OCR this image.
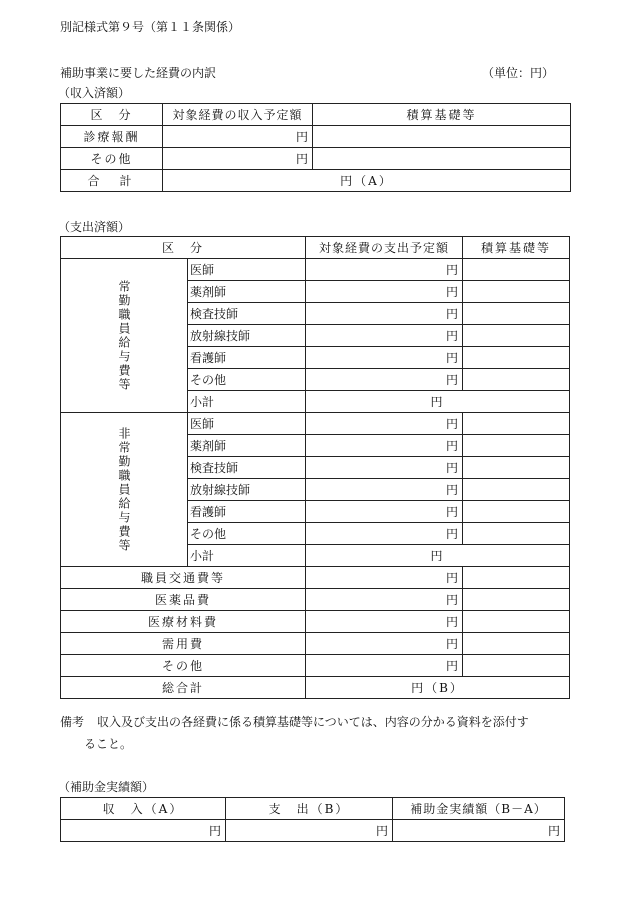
別記様式第９号（第１１条関係）
補助事業に要した経費の内訳	（単位：円）
（収入済額）
区　分	対象経費の収入予定額	積算基礎等
診療報酬	円	
その他	円	
合　計	円（A）	
（支出済額）
区　分		対象経費の支出予定額	積算基礎等
常勤職員給与費等	医師	円	
	薬剤師	円	
	検査技師	円	
	放射線技師	円	
	看護師	円	
	その他	円	
	小計	円	
非常勤職員給与費等	医師	円	
	薬剤師	円	
	検査技師	円	
	放射線技師	円	
	看護師	円	
	その他	円	
	小計	円	
職員交通費等		円	
医薬品費		円	
医療材料費		円	
需用費		円	
その他		円	
総合計		円（B）	
備考 収入及び支出の各経費に係る積算基礎等については、内容の分かる資料を添付す
ること。
（補助金実績額）
収　入（A）	支　出（B）	補助金実績額（B－A）
円	円	円
